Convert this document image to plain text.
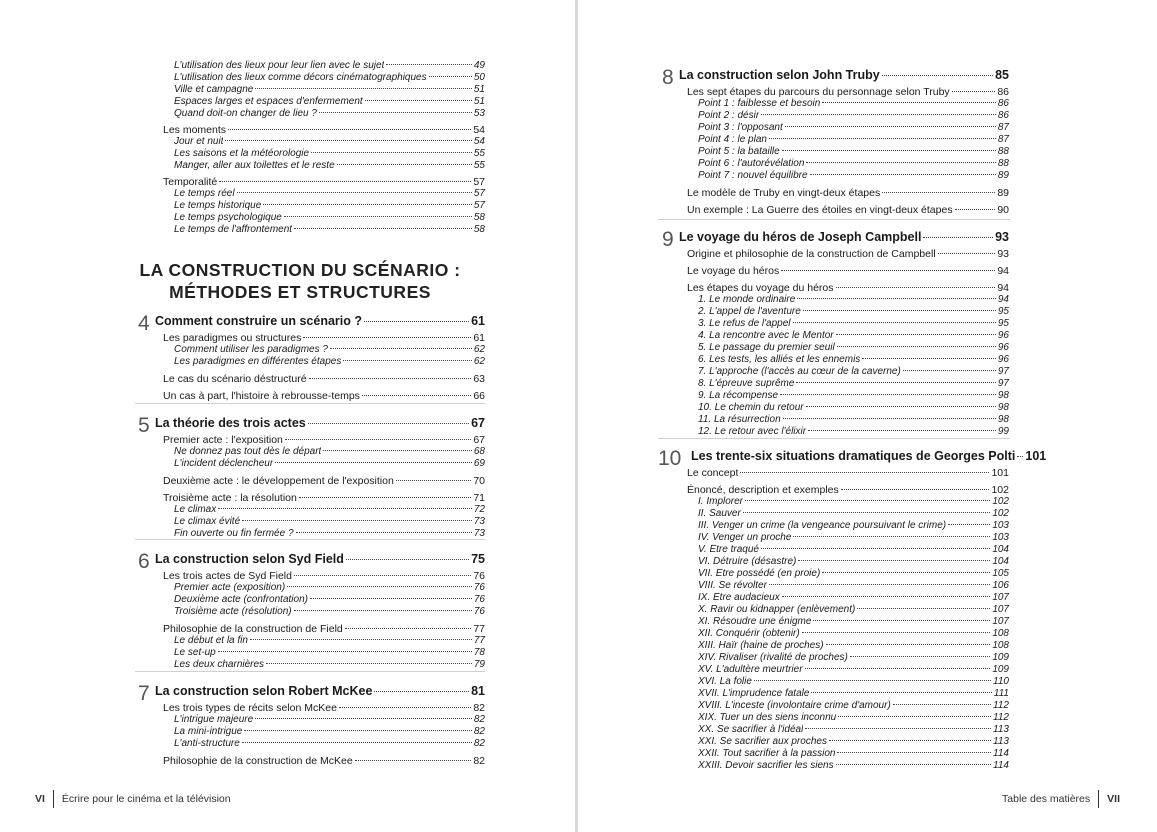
L'utilisation des lieux pour leur lien avec le sujet	49
L'utilisation des lieux comme décors cinématographiques	50
Ville et campagne	51
Espaces larges et espaces d'enfermement	51
Quand doit-on changer de lieu ?	53
Les moments	54
Jour et nuit	54
Les saisons et la météorologie	55
Manger, aller aux toilettes et le reste	55
Temporalité	57
Le temps réel	57
Le temps historique	57
Le temps psychologique	58
Le temps de l'affrontement	58
4 Comment construire un scénario ?	61
Les paradigmes ou structures	61
Comment utiliser les paradigmes ?	62
Les paradigmes en différentes étapes	62
Le cas du scénario déstructuré	63
Un cas à part, l'histoire à rebrousse-temps	66
5 La théorie des trois actes	67
Premier acte : l'exposition	67
Ne donnez pas tout dès le départ	68
L'incident déclencheur	69
Deuxième acte : le développement de l'exposition	70
Troisième acte : la résolution	71
Le climax	72
Le climax évité	73
Fin ouverte ou fin fermée ?	73
6 La construction selon Syd Field	75
Les trois actes de Syd Field	76
Premier acte (exposition)	76
Deuxième acte (confrontation)	76
Troisième acte (résolution)	76
Philosophie de la construction de Field	77
Le début et la fin	77
Le set-up	78
Les deux charnières	79
7 La construction selon Robert McKee	81
Les trois types de récits selon McKee	82
L'intrigue majeure	82
La mini-intrigue	82
L'anti-structure	82
Philosophie de la construction de McKee	82
8 La construction selon John Truby	85
Les sept étapes du parcours du personnage selon Truby	86
Point 1 : faiblesse et besoin	86
Point 2 : désir	86
Point 3 : l'opposant	87
Point 4 : le plan	87
Point 5 : la bataille	88
Point 6 : l'autorévélation	88
Point 7 : nouvel équilibre	89
Le modèle de Truby en vingt-deux étapes	89
Un exemple : La Guerre des étoiles en vingt-deux étapes	90
9 Le voyage du héros de Joseph Campbell	93
Origine et philosophie de la construction de Campbell	93
Le voyage du héros	94
Les étapes du voyage du héros	94
1. Le monde ordinaire	94
2. L'appel de l'aventure	95
3. Le refus de l'appel	95
4. La rencontre avec le Mentor	96
5. Le passage du premier seuil	96
6. Les tests, les alliés et les ennemis	96
7. L'approche (l'accès au cœur de la caverne)	97
8. L'épreuve suprême	97
9. La récompense	98
10. Le chemin du retour	98
11. La résurrection	98
12. Le retour avec l'élixir	99
10 Les trente-six situations dramatiques de Georges Polti 101
Le concept	101
Énoncé, description et exemples	102
I. Implorer	102
II. Sauver	102
III. Venger un crime (la vengeance poursuivant le crime)	103
IV. Venger un proche	103
V. Être traqué	104
VI. Détruire (désastre)	104
VII. Être possédé (en proie)	105
VIII. Se révolter	106
IX. Être audacieux	107
X. Ravir ou kidnapper (enlèvement)	107
XI. Résoudre une énigme	107
XII. Conquérir (obtenir)	108
XIII. Haïr (haine de proches)	108
XIV. Rivaliser (rivalité de proches)	109
XV. L'adultère meurtrier	109
XVI. La folie	110
XVII. L'imprudence fatale	111
XVIII. L'inceste (involontaire crime d'amour)	112
XIX. Tuer un des siens inconnu	112
XX. Se sacrifier à l'idéal	113
XXI. Se sacrifier aux proches	113
XXII. Tout sacrifier à la passion	114
XXIII. Devoir sacrifier les siens	114
VI Écrire pour le cinéma et la télévision	Table des matières VII
LA CONSTRUCTION DU SCÉNARIO :
MÉTHODES ET STRUCTURES
